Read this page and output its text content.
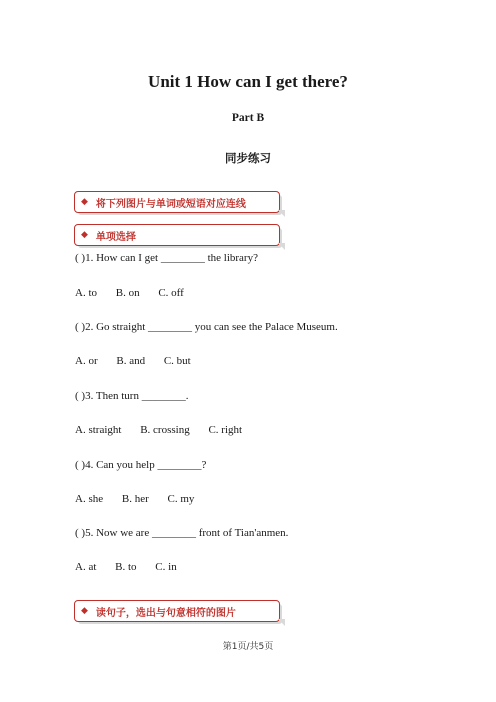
Unit 1 How can I get there?
Part B
同步练习
◆ 将下列图片与单词或短语对应连线
◆ 单项选择
( )1. How can I get ________ the library?
A. to B. on C. off
( )2. Go straight ________ you can see the Palace Museum.
A. or B. and C. but
( )3. Then turn ________.
A. straight B. crossing C. right
( )4. Can you help ________?
A. she B. her C. my
( )5. Now we are ________ front of Tian'anmen.
A. at B. to C. in
◆ 读句子，选出与句意相符的图片
第1页/共5页
